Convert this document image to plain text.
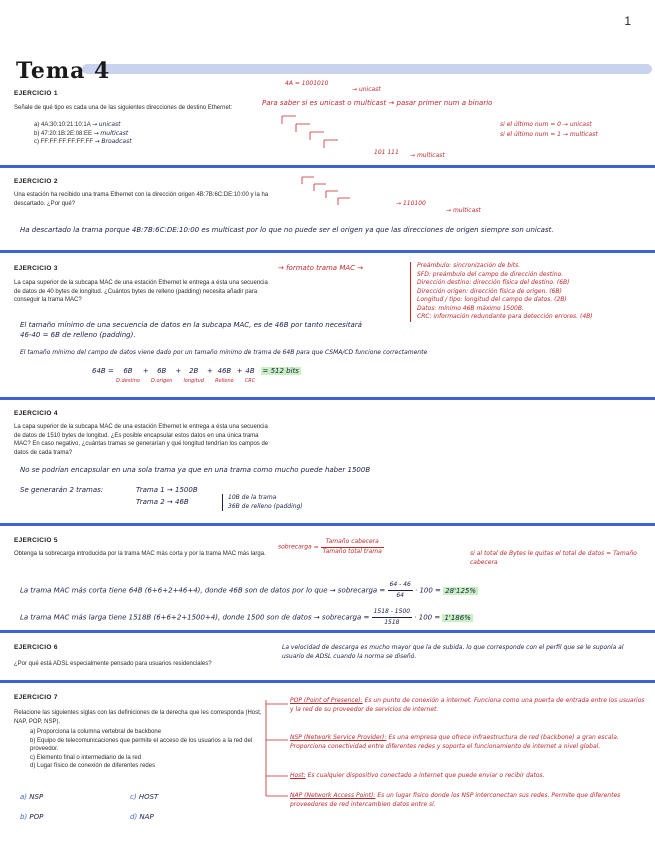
1
Tema 4
EJERCICIO 1
Señale de qué tipo es cada una de las siguientes direcciones de destino Ethernet:
a) 4A:30:10:21:10:1A → unicast
b) 47:20:1B:2E:08:EE → multicast
c) FF:FF:FF:FF:FF:FF → Broadcast
4A = 1001010
→ unicast
Para saber si es unicast o multicast → pasar primer num a binario
si el último num = 0 → unicast
si el último num = 1 → multicast
101 111 → multicast
EJERCICIO 2
Una estación ha recibido una trama Ethernet con la dirección origen 4B:7B:6C:DE:10:00 y la ha descartado. ¿Por qué?	→ 110100
→ multicast
Ha descartado la trama porque 4B:7B:6C:DE:10:00 es multicast por lo que no puede ser el origen ya que las direcciones de origen siempre son unicast.
EJERCICIO 3
La capa superior de la subcapa MAC de una estación Ethernet le entrega a ésta una secuencia de datos de 40 bytes de longitud. ¿Cuántos bytes de relleno (padding) necesita añadir para conseguir la trama MAC?
→ formato trama MAC →	Preámbulo: sincronización de bits.
SFD: preámbulo del campo de dirección destino.
Dirección destino: dirección física del destino. (6B)
Dirección origen: dirección física de origen. (6B)
Longitud / tipo: longitud del campo de datos. (2B)
Datos: mínimo 46B máximo 1500B.
CRC: información redundante para detección errores. (4B)
El tamaño mínimo de una secuencia de datos en la subcapa MAC, es de 46B por tanto necesitará 46-40 = 6B de relleno (padding).
El tamaño mínimo del campo de datos viene dado por un tamaño mínimo de trama de 64B para que CSMA/CD funcione correctamente
64B = 6B
D.destino
+ 6B
D.origen
+ 2B
longitud
+ 46B
Relleno
+ 4B
CRC
= 512 bits
EJERCICIO 4
La capa superior de la subcapa MAC de una estación Ethernet le entrega a ésta una secuencia de datos de 1510 bytes de longitud. ¿Es posible encapsular estos datos en una única trama MAC? En caso negativo, ¿cuántas tramas se generarían y qué longitud tendrían los campos de datos de cada trama?
No se podrían encapsular en una sola trama ya que en una trama como mucho puede haber 1500B
Se generarán 2 tramas:	Trama 1 → 1500B
Trama 2 → 46B
10B de la trama
36B de relleno (padding)
EJERCICIO 5
Obtenga la sobrecarga introducida por la trama MAC más corta y por la trama MAC más larga.
sobrecarga = $\frac{\text{Tamaño cabecera}}{\text{Tamaño total trama}}$	si al total de Bytes le quitas el total de datos = Tamaño cabecera
La trama MAC más corta tiene 64B (6+6+2+46+4), donde 46B son de datos por lo que → sobrecarga = $\frac{64 - 46}{64} \cdot 100 = 28'125\%$
La trama MAC más larga tiene 1518B (6+6+2+1500+4), donde 1500 son de datos → sobrecarga = $\frac{1518 - 1500}{1518} \cdot 100 = 1'186\%$
EJERCICIO 6
¿Por qué está ADSL especialmente pensado para usuarios residenciales?
La velocidad de descarga es mucho mayor que la de subida, lo que corresponde con el perfil que se le suponía al usuario de ADSL cuando la norma se diseñó.
EJERCICIO 7
Relacione las siguientes siglas con las definiciones de la derecha que les corresponda (Host, NAP, POP, NSP).
a) Proporciona la columna vertebral de backbone
b) Equipo de telecomunicaciones que permite el acceso de los usuarios a la red del proveedor.
c) Elemento final o intermediario de la red
d) Lugar físico de conexión de diferentes redes
a) NSP	c) HOST
b) POP	d) NAP
POP (Point of Presence): Es un punto de conexión a internet. Funciona como una puerta de entrada entre los usuarios y la red de su proveedor de servicios de internet.
NSP (Network Service Provider): Es una empresa que ofrece infraestructura de red (backbone) a gran escala. Proporciona conectividad entre diferentes redes y soporta el funcionamiento de internet a nivel global.
Host: Es cualquier dispositivo conectado a internet que puede enviar o recibir datos.
NAP (Network Access Point): Es un lugar físico donde los NSP interconectan sus redes. Permite que diferentes proveedores de red intercambien datos entre sí.
